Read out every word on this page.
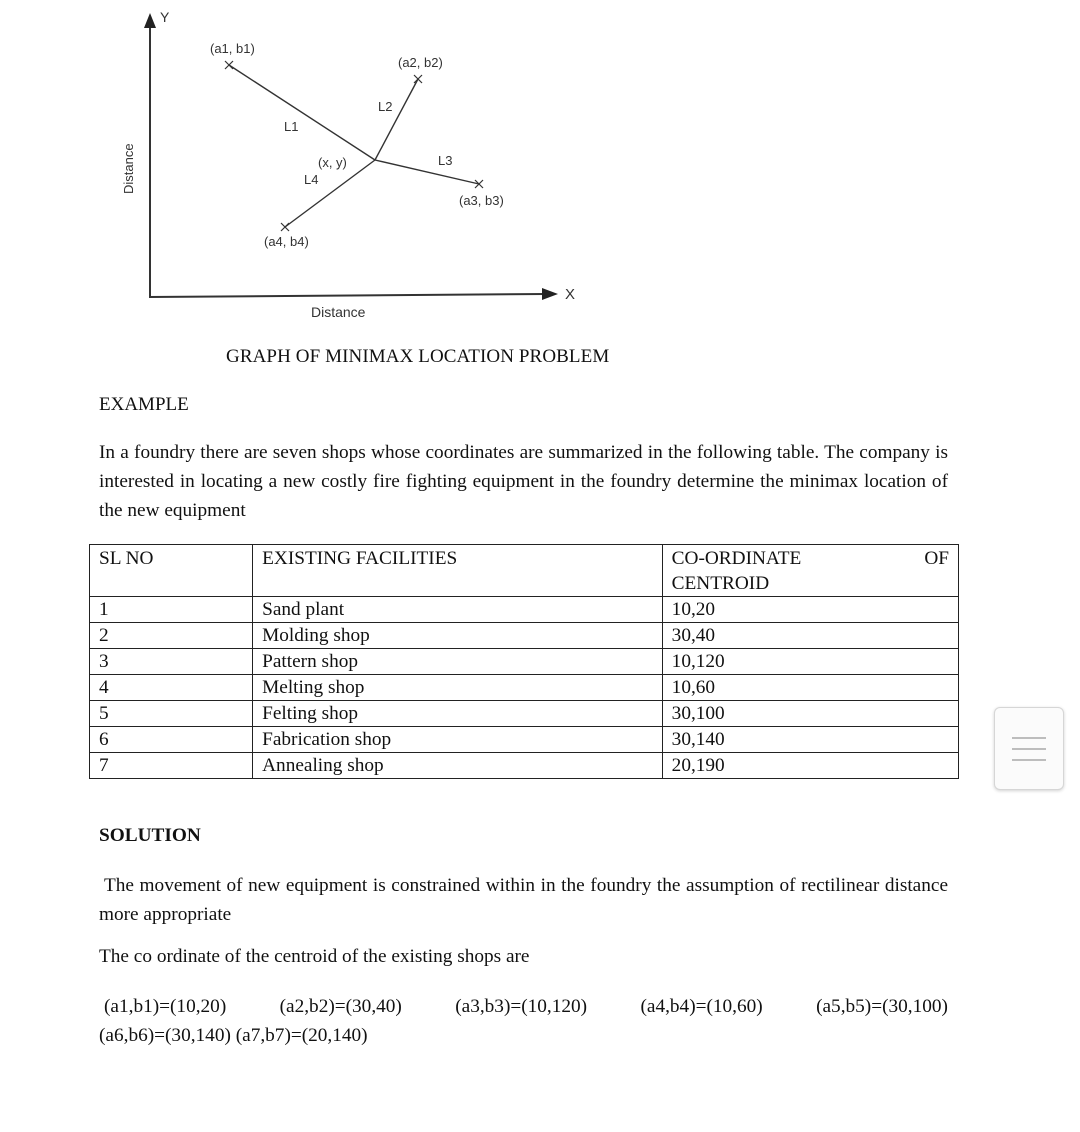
Y
X
Distance
Distance
(a1, b1)
(a2, b2)
(a3, b3)
(a4, b4)
(x, y)
L1
L2
L3
L4
GRAPH OF MINIMAX LOCATION PROBLEM
EXAMPLE
In a foundry there are seven shops whose coordinates are summarized in the following table. The company is interested in locating a new costly fire fighting equipment in the foundry determine the minimax location of the new equipment
SL NO	EXISTING FACILITIES	CO-ORDINATE OF

CENTROID
1	Sand plant	10,20
2	Molding shop	30,40
3	Pattern shop	10,120
4	Melting shop	10,60
5	Felting shop	30,100
6	Fabrication shop	30,140
7	Annealing shop	20,190
SOLUTION
The movement of new equipment is constrained within in the foundry the assumption of rectilinear distance more appropriate
The co ordinate of the centroid of the existing shops are
(a1,b1)=(10,20)	(a2,b2)=(30,40)	(a3,b3)=(10,120)	(a4,b4)=(10,60)	(a5,b5)=(30,100)
(a6,b6)=(30,140) (a7,b7)=(20,140)
